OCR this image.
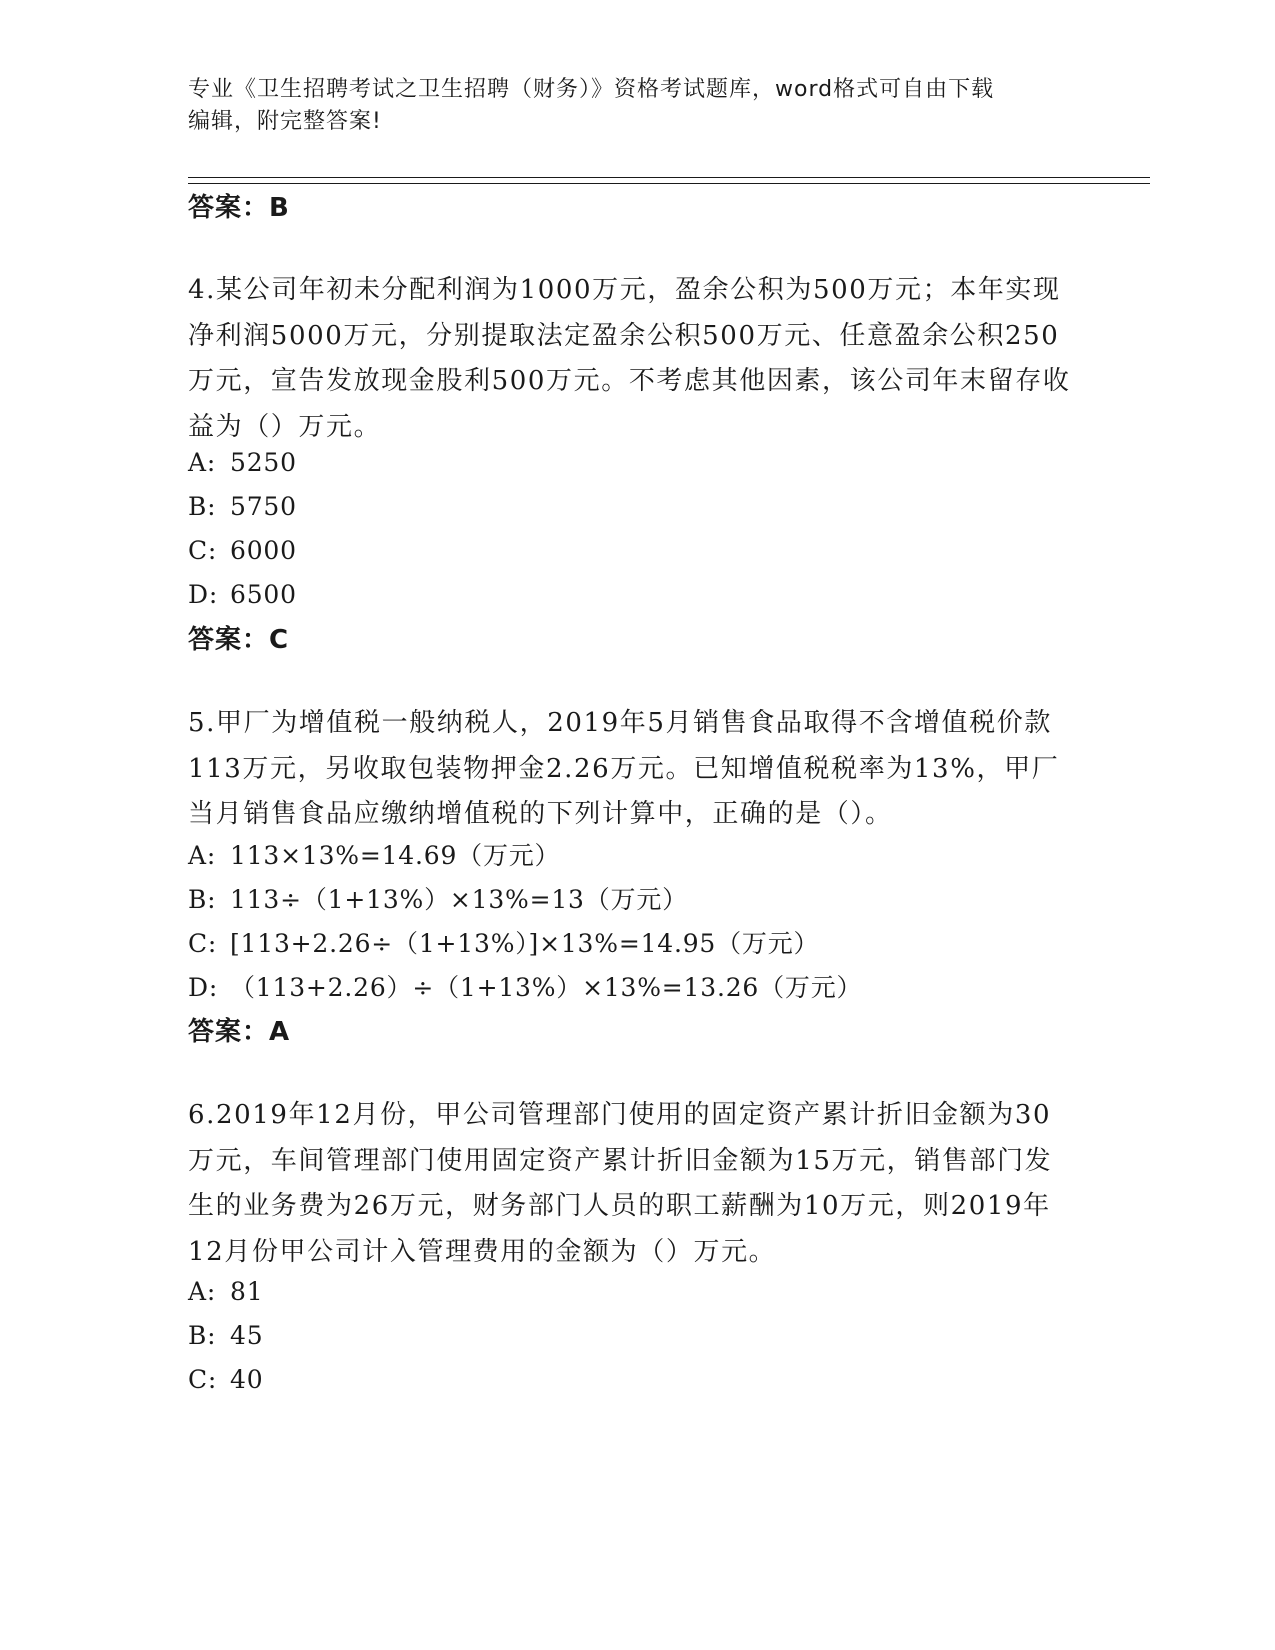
专业《卫生招聘考试之卫生招聘（财务）》资格考试题库，word格式可自由下载
编辑，附完整答案!
答案：B
4.某公司年初未分配利润为1000万元，盈余公积为500万元；本年实现净利润5000万元，分别提取法定盈余公积500万元、任意盈余公积250万元，宣告发放现金股利500万元。不考虑其他因素，该公司年末留存收益为（）万元。
A: 5250
B: 5750
C: 6000
D: 6500
答案：C
5.甲厂为增值税一般纳税人，2019年5月销售食品取得不含增值税价款113万元，另收取包装物押金2.26万元。已知增值税税率为13%，甲厂当月销售食品应缴纳增值税的下列计算中，正确的是（）。
A: 113×13%=14.69（万元）
B: 113÷（1+13%）×13%=13（万元）
C: [113+2.26÷（1+13%）]×13%=14.95（万元）
D: （113+2.26）÷（1+13%）×13%=13.26（万元）
答案：A
6.2019年12月份，甲公司管理部门使用的固定资产累计折旧金额为30万元，车间管理部门使用固定资产累计折旧金额为15万元，销售部门发生的业务费为26万元，财务部门人员的职工薪酬为10万元，则2019年12月份甲公司计入管理费用的金额为（）万元。
A: 81
B: 45
C: 40
